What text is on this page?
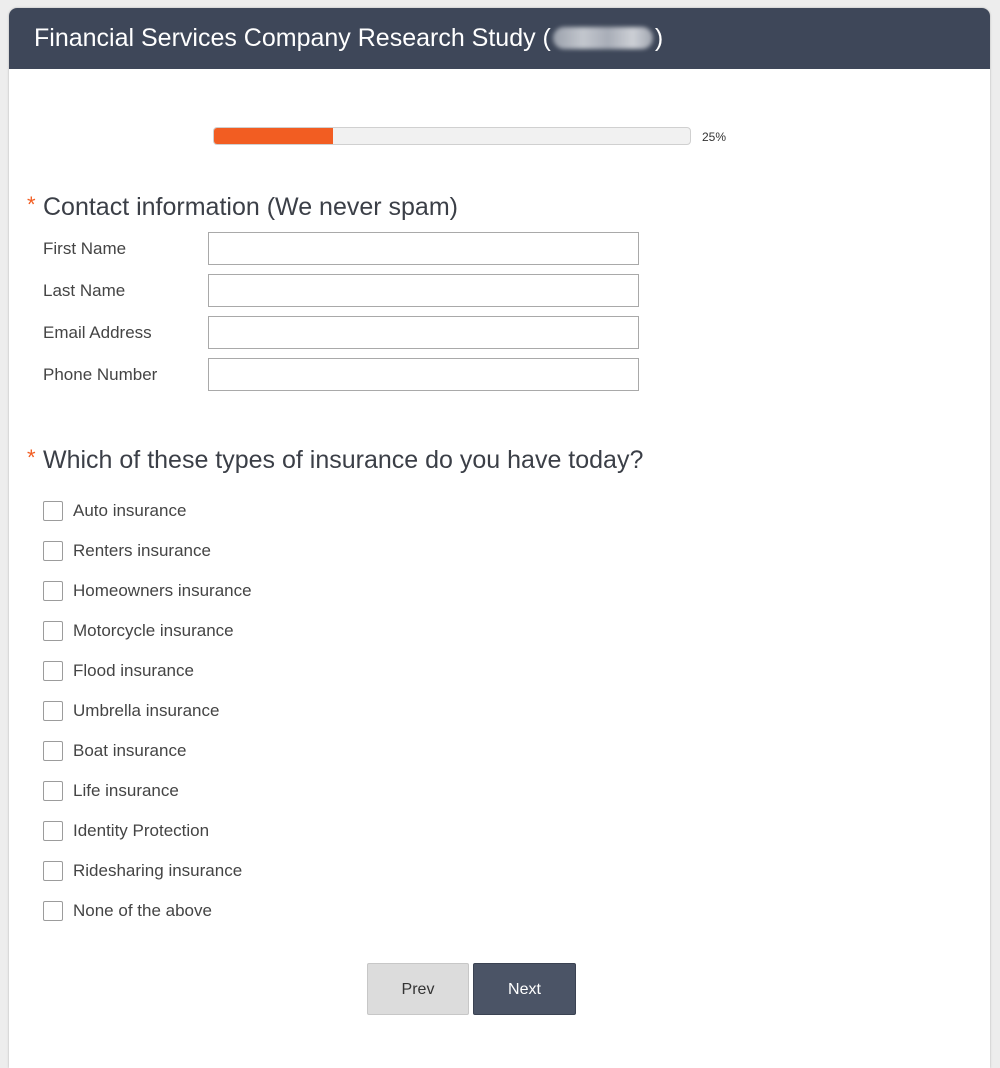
Financial Services Company Research Study (	)
25%
* Contact information (We never spam)
First Name
Last Name
Email Address
Phone Number
* Which of these types of insurance do you have today?
Auto insurance
Renters insurance
Homeowners insurance
Motorcycle insurance
Flood insurance
Umbrella insurance
Boat insurance
Life insurance
Identity Protection
Ridesharing insurance
None of the above
Prev	Next
